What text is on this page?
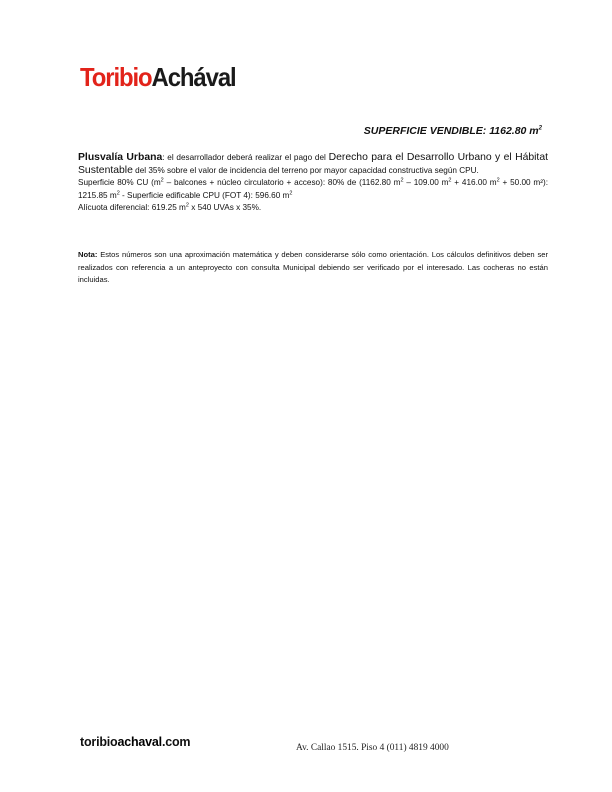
ToribioAchával
SUPERFICIE VENDIBLE: 1162.80 $m^2$

Plusvalía Urbana: el desarrollador deberá realizar el pago del Derecho para el Desarrollo Urbano y el Hábitat Sustentable del 35% sobre el valor de incidencia del terreno por mayor capacidad constructiva según CPU.

Superficie 80% CU ($m^2$ – balcones + núcleo circulatorio + acceso): 80% de (1162.80 $m^2 - 109.00$ $m^2 + 416.00$ $m^2 + 50.00$ m²): 1215.85 $m^2$ - Superficie edificable CPU (FOT 4): 596.60 $m^2$

Alícuota diferencial: 619.25 $m^2$ x 540 UVAs x 35%.

Nota: Estos números son una aproximación matemática y deben considerarse sólo como orientación. Los cálculos definitivos deben ser realizados con referencia a un anteproyecto con consulta Municipal debiendo ser verificado por el interesado. Las cocheras no están incluidas.
toribioachaval.com	Av. Callao 1515. Piso 4 (011) 4819 4000
